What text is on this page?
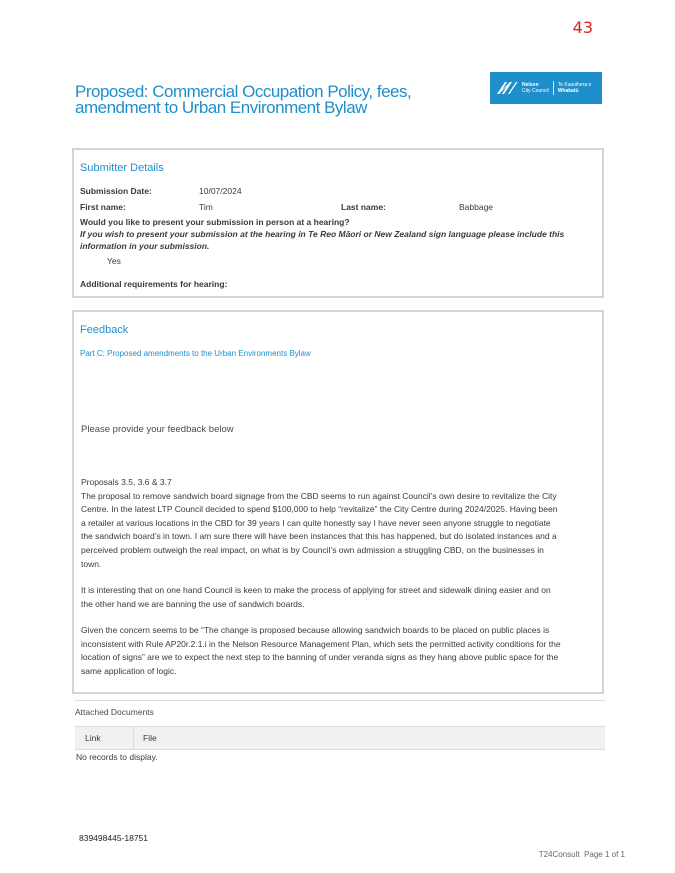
43
Proposed: Commercial Occupation Policy, fees, amendment to Urban Environment Bylaw
Nelson
City Council
Te Kaunihera o
Whakatū
Submitter Details
Submission Date:	10/07/2024
First name:	Tim	Last name:	Babbage
Would you like to present your submission in person at a hearing?
If you wish to present your submission at the hearing in Te Reo Māori or New Zealand sign language please include this information in your submission.
Yes
Additional requirements for hearing:
Feedback
Part C: Proposed amendments to the Urban Environments Bylaw
Please provide your feedback below
Proposals 3.5, 3.6 & 3.7
The proposal to remove sandwich board signage from the CBD seems to run against Council’s own desire to revitalize the City Centre. In the latest LTP Council decided to spend $100,000 to help “revitalize” the City Centre during 2024/2025. Having been a retailer at various locations in the CBD for 39 years I can quite honestly say I have never seen anyone struggle to negotiate the sandwich board’s in town. I am sure there will have been instances that this has happened, but do isolated instances and a perceived problem outweigh the real impact, on what is by Council’s own admission a struggling CBD, on the businesses in town.
It is interesting that on one hand Council is keen to make the process of applying for street and sidewalk dining easier and on the other hand we are banning the use of sandwich boards.
Given the concern seems to be “The change is proposed because allowing sandwich boards to be placed on public places is inconsistent with Rule AP20r.2.1.i in the Nelson Resource Management Plan, which sets the permitted activity conditions for the location of signs” are we to expect the next step to the banning of under veranda signs as they hang above public space for the same application of logic.
Attached Documents
Link	File
No records to display.
839498445-18751
T24Consult  Page 1 of 1
